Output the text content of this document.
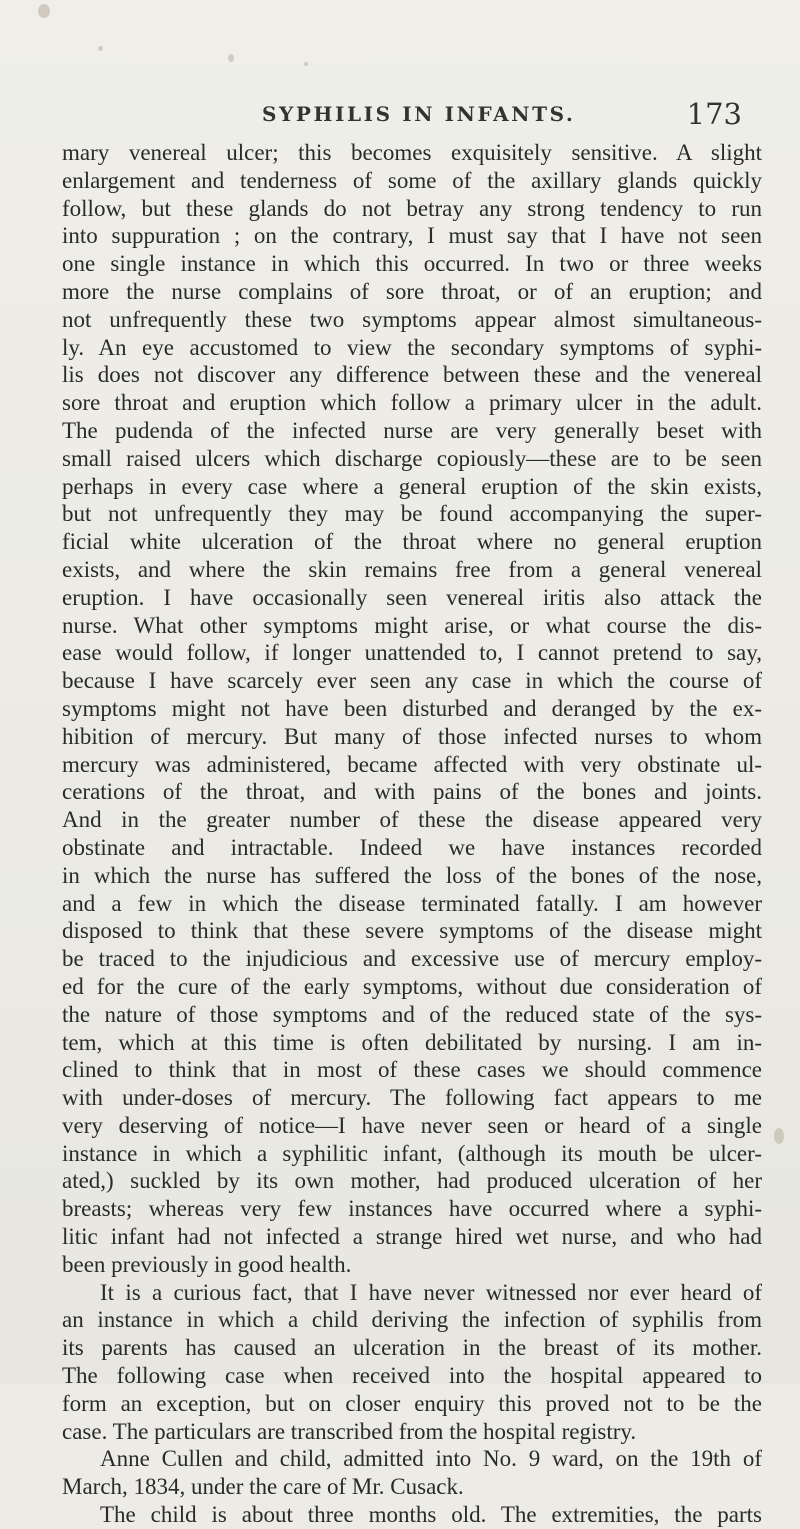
SYPHILIS IN INFANTS.	173
mary venereal ulcer; this becomes exquisitely sensitive. A slight
enlargement and tenderness of some of the axillary glands quickly
follow, but these glands do not betray any strong tendency to run
into suppuration ; on the contrary, I must say that I have not seen
one single instance in which this occurred. In two or three weeks
more the nurse complains of sore throat, or of an eruption; and
not unfrequently these two symptoms appear almost simultaneous-
ly. An eye accustomed to view the secondary symptoms of syphi-
lis does not discover any difference between these and the venereal
sore throat and eruption which follow a primary ulcer in the adult.
The pudenda of the infected nurse are very generally beset with
small raised ulcers which discharge copiously—these are to be seen
perhaps in every case where a general eruption of the skin exists,
but not unfrequently they may be found accompanying the super-
ficial white ulceration of the throat where no general eruption
exists, and where the skin remains free from a general venereal
eruption. I have occasionally seen venereal iritis also attack the
nurse. What other symptoms might arise, or what course the dis-
ease would follow, if longer unattended to, I cannot pretend to say,
because I have scarcely ever seen any case in which the course of
symptoms might not have been disturbed and deranged by the ex-
hibition of mercury. But many of those infected nurses to whom
mercury was administered, became affected with very obstinate ul-
cerations of the throat, and with pains of the bones and joints.
And in the greater number of these the disease appeared very
obstinate and intractable. Indeed we have instances recorded
in which the nurse has suffered the loss of the bones of the nose,
and a few in which the disease terminated fatally. I am however
disposed to think that these severe symptoms of the disease might
be traced to the injudicious and excessive use of mercury employ-
ed for the cure of the early symptoms, without due consideration of
the nature of those symptoms and of the reduced state of the sys-
tem, which at this time is often debilitated by nursing. I am in-
clined to think that in most of these cases we should commence
with under-doses of mercury. The following fact appears to me
very deserving of notice—I have never seen or heard of a single
instance in which a syphilitic infant, (although its mouth be ulcer-
ated,) suckled by its own mother, had produced ulceration of her
breasts; whereas very few instances have occurred where a syphi-
litic infant had not infected a strange hired wet nurse, and who had
been previously in good health.
It is a curious fact, that I have never witnessed nor ever heard of
an instance in which a child deriving the infection of syphilis from
its parents has caused an ulceration in the breast of its mother.
The following case when received into the hospital appeared to
form an exception, but on closer enquiry this proved not to be the
case. The particulars are transcribed from the hospital registry.
Anne Cullen and child, admitted into No. 9 ward, on the 19th of
March, 1834, under the care of Mr. Cusack.
The child is about three months old. The extremities, the parts
